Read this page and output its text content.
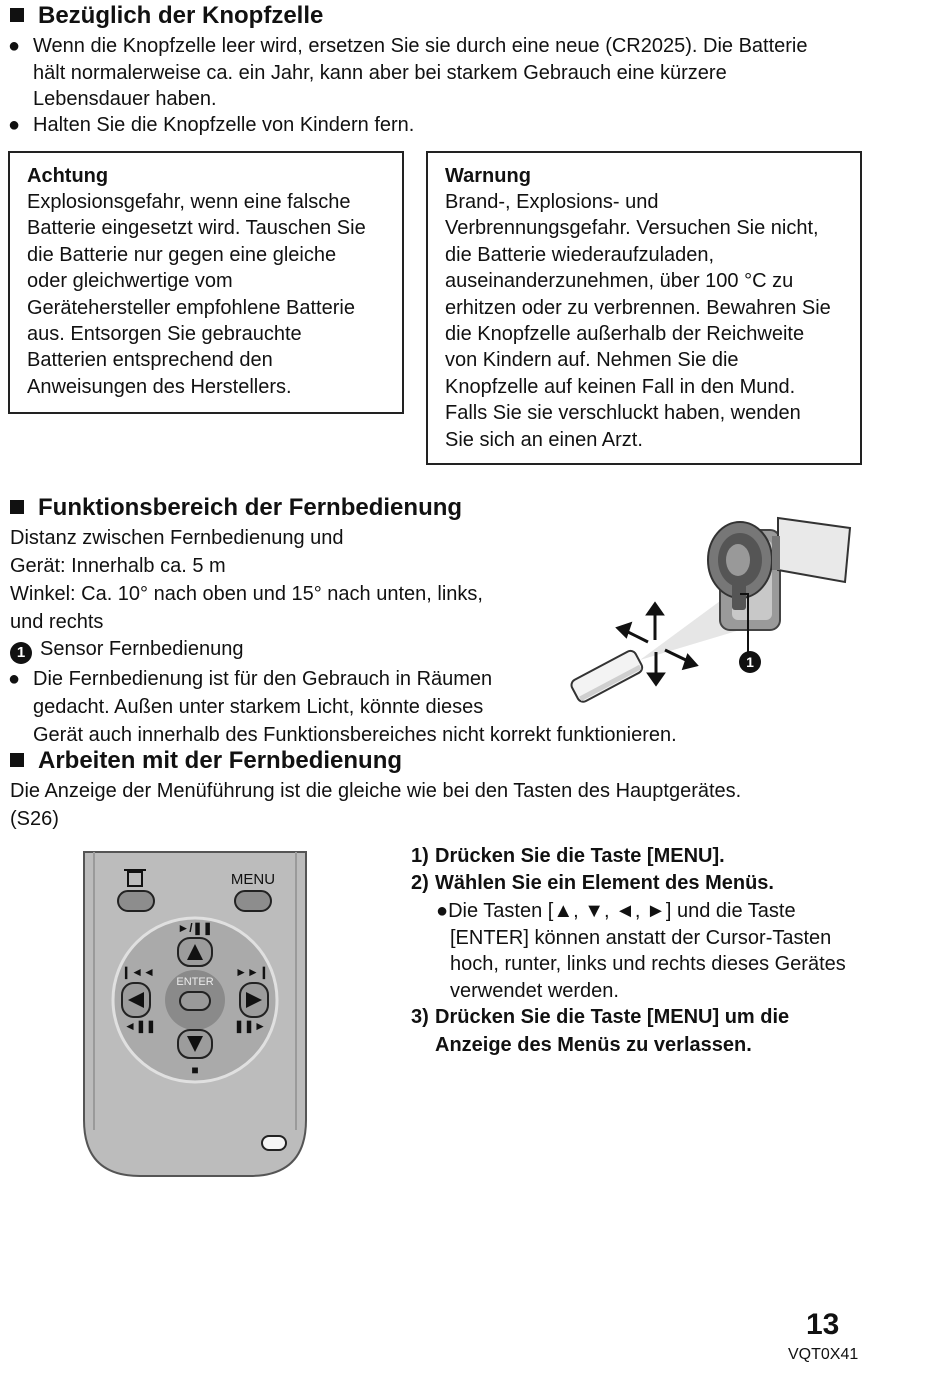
Bezüglich der Knopfzelle
● Wenn die Knopfzelle leer wird, ersetzen Sie sie durch eine neue (CR2025). Die Batterie
hält normalerweise ca. ein Jahr, kann aber bei starkem Gebrauch eine kürzere
Lebensdauer haben.
● Halten Sie die Knopfzelle von Kindern fern.
Achtung
Explosionsgefahr, wenn eine falsche
Batterie eingesetzt wird. Tauschen Sie
die Batterie nur gegen eine gleiche
oder gleichwertige vom
Gerätehersteller empfohlene Batterie
aus. Entsorgen Sie gebrauchte
Batterien entsprechend den
Anweisungen des Herstellers.
Warnung
Brand-, Explosions- und
Verbrennungsgefahr. Versuchen Sie nicht,
die Batterie wiederaufzuladen,
auseinanderzunehmen, über 100 °C zu
erhitzen oder zu verbrennen. Bewahren Sie
die Knopfzelle außerhalb der Reichweite
von Kindern auf. Nehmen Sie die
Knopfzelle auf keinen Fall in den Mund.
Falls Sie sie verschluckt haben, wenden
Sie sich an einen Arzt.
Funktionsbereich der Fernbedienung
Distanz zwischen Fernbedienung und
Gerät: Innerhalb ca. 5 m
Winkel: Ca. 10° nach oben und 15° nach unten, links,
und rechts
1 Sensor Fernbedienung
● Die Fernbedienung ist für den Gebrauch in Räumen
gedacht. Außen unter starkem Licht, könnte dieses
Gerät auch innerhalb des Funktionsbereiches nicht korrekt funktionieren.
1
Arbeiten mit der Fernbedienung
Die Anzeige der Menüführung ist die gleiche wie bei den Tasten des Hauptgerätes.
(S26)
MENU
ENTER
►/❚❚
❙◄◄	►►❙
◄❚❚	❚❚►
■
1) Drücken Sie die Taste [MENU].
2) Wählen Sie ein Element des Menüs.
●Die Tasten [▲, ▼, ◄, ►] und die Taste
[ENTER] können anstatt der Cursor-Tasten
hoch, runter, links und rechts dieses Gerätes
verwendet werden.
3) Drücken Sie die Taste [MENU] um die
Anzeige des Menüs zu verlassen.
13
VQT0X41
